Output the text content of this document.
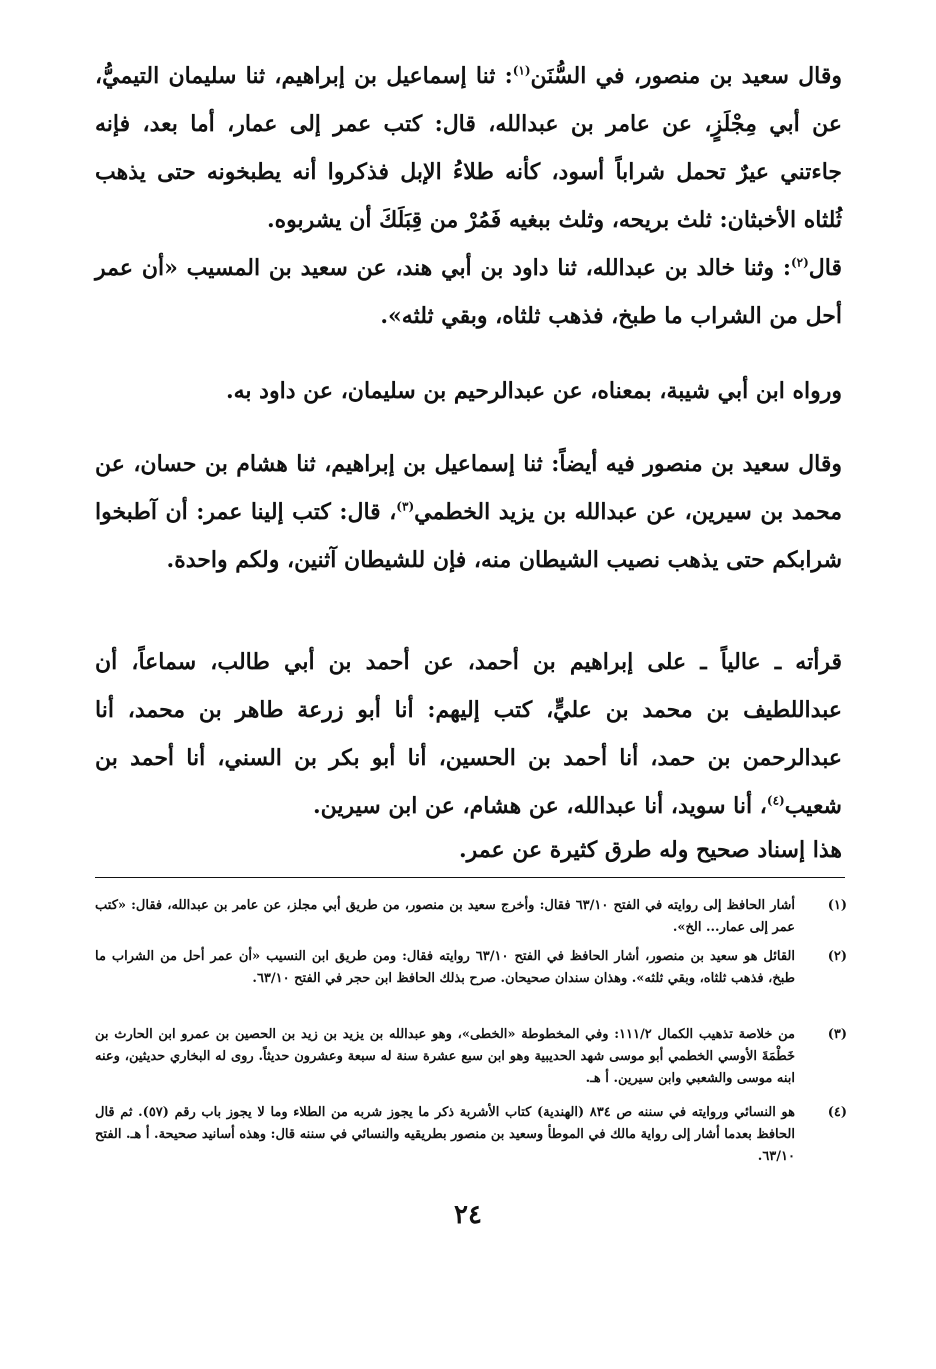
وقال سعيد بن منصور، في السُّنَن$^{(١)}$: ثنا إسماعيل بن إبراهيم، ثنا سليمان التيميُّ، عن أبي مِجْلَزٍ، عن عامر بن عبدالله، قال: كتب عمر إلى عمار، أما بعد، فإنه جاءتني عيرٌ تحمل شراباً أسود، كأنه طلاءُ الإبل فذكروا أنه يطبخونه حتى يذهب ثُلثاه الأخبثان: ثلث بريحه، وثلث ببغيه فَمُرْ من قِبَلَكَ أن يشربوه.

قال$^{(٢)}$: وثنا خالد بن عبدالله، ثنا داود بن أبي هند، عن سعيد بن المسيب «أن عمر أحل من الشراب ما طبخ، فذهب ثلثاه، وبقي ثلثه».

ورواه ابن أبي شيبة، بمعناه، عن عبدالرحيم بن سليمان، عن داود به.

وقال سعيد بن منصور فيه أيضاً: ثنا إسماعيل بن إبراهيم، ثنا هشام بن حسان، عن محمد بن سيرين، عن عبدالله بن يزيد الخطمي$^{(٣)}$، قال: كتب إلينا عمر: أن آطبخوا شرابكم حتى يذهب نصيب الشيطان منه، فإن للشيطان آثنين، ولكم واحدة.

قرأته ـ عالياً ـ على إبراهيم بن أحمد، عن أحمد بن أبي طالب، سماعاً، أن عبداللطيف بن محمد بن عليٍّ، كتب إليهم: أنا أبو زرعة طاهر بن محمد، أنا عبدالرحمن بن حمد، أنا أحمد بن الحسين، أنا أبو بكر بن السني، أنا أحمد بن شعيب$^{(٤)}$، أنا سويد، أنا عبدالله، عن هشام، عن ابن سيرين.

هذا إسناد صحيح وله طرق كثيرة عن عمر.

(١)
أشار الحافظ إلى روايته في الفتح ٦٣/١٠ فقال: وأخرج سعيد بن منصور، من طريق أبي مجلز، عن عامر بن عبدالله، فقال: «كتب عمر إلى عمار... الخ».
(٢)
القائل هو سعيد بن منصور، أشار الحافظ في الفتح ٦٣/١٠ روايته فقال: ومن طريق ابن النسيب «أن عمر أحل من الشراب ما طبخ، فذهب ثلثاه، وبقي ثلثه». وهذان سندان صحيحان. صرح بذلك الحافظ ابن حجر في الفتح ٦٣/١٠.
(٣)
من خلاصة تذهيب الكمال ١١١/٢: وفي المخطوطة «الخطى»، وهو عبدالله بن يزيد بن زيد بن الحصين بن عمرو ابن الحارث بن خَطْمَةَ الأوسي الخطمي أبو موسى شهد الحديبية وهو ابن سبع عشرة سنة له سبعة وعشرون حديثاً. روى له البخاري حديثين، وعنه ابنه موسى والشعبي وابن سيرين. أ هـ.
(٤)
هو النسائي وروايته في سننه ص ٨٣٤ (الهندية) كتاب الأشربة ذكر ما يجوز شربه من الطلاء وما لا يجوز باب رقم (٥٧). ثم قال الحافظ بعدما أشار إلى رواية مالك في الموطأ وسعيد بن منصور بطريقيه والنسائي في سننه قال: وهذه أسانيد صحيحة. أ هـ. الفتح ٦٣/١٠.
٢٤
